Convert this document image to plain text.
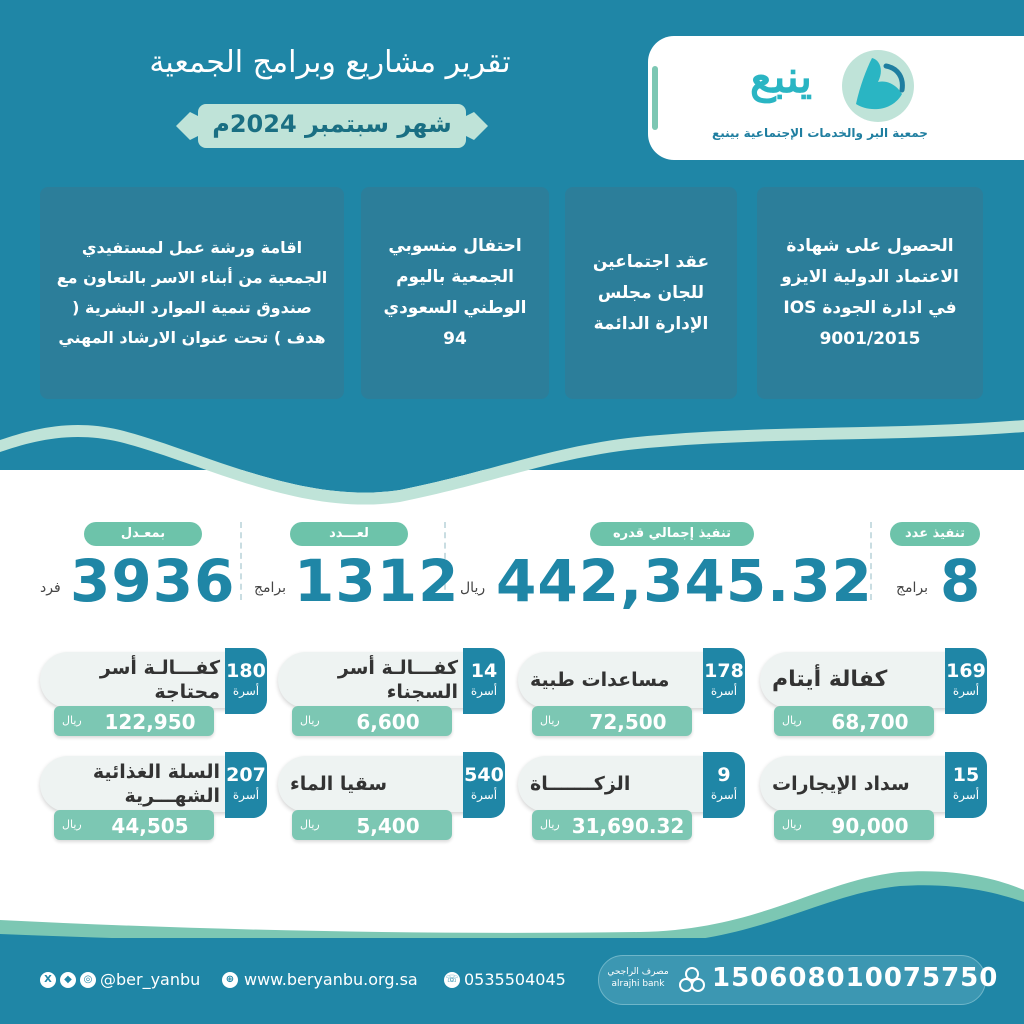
ينبع
جمعية البر والخدمات الإجتماعية بينبع
تقرير مشاريع وبرامج الجمعية
شهر سبتمبر 2024م
الحصول على شهادة الاعتماد الدولية الايزو في ادارة الجودة IOS 9001/2015
عقد اجتماعين للجان مجلس الإدارة الدائمة
احتفال منسوبي الجمعية باليوم الوطني السعودي 94
اقامة ورشة عمل لمستفيدي الجمعية من أبناء الاسر بالتعاون مع صندوق تنمية الموارد البشرية ( هدف ) تحت عنوان الارشاد المهني
تنفيذ عدد
8
برامج
تنفيذ إجمالي قدره
442,345.32
ريال
لعـــدد
1312
برامج
بمعـدل
3936
فرد
كفالة أيتام	169
أسرة
68,700
ريال
مساعدات طبية	178
أسرة
72,500
ريال
كفـــالـة أسر السجناء
14
أسرة
6,600
ريال
كفـــالـة أسر محتاجة
180
أسرة
122,950
ريال
سداد الإيجارات	15
أسرة
90,000
ريال
الزكـــــــاة	9
أسرة
31,690.32
ريال
سقيا الماء	540
أسرة
5,400
ريال
السلة الغذائية الشهـــرية
207
أسرة
44,505
ريال
150608010075750
مصرف الراجحي alrajhi bank
☏ 0535504045
⊕ www.beryanbu.org.sa
X	◆	◎ @ber_yanbu
